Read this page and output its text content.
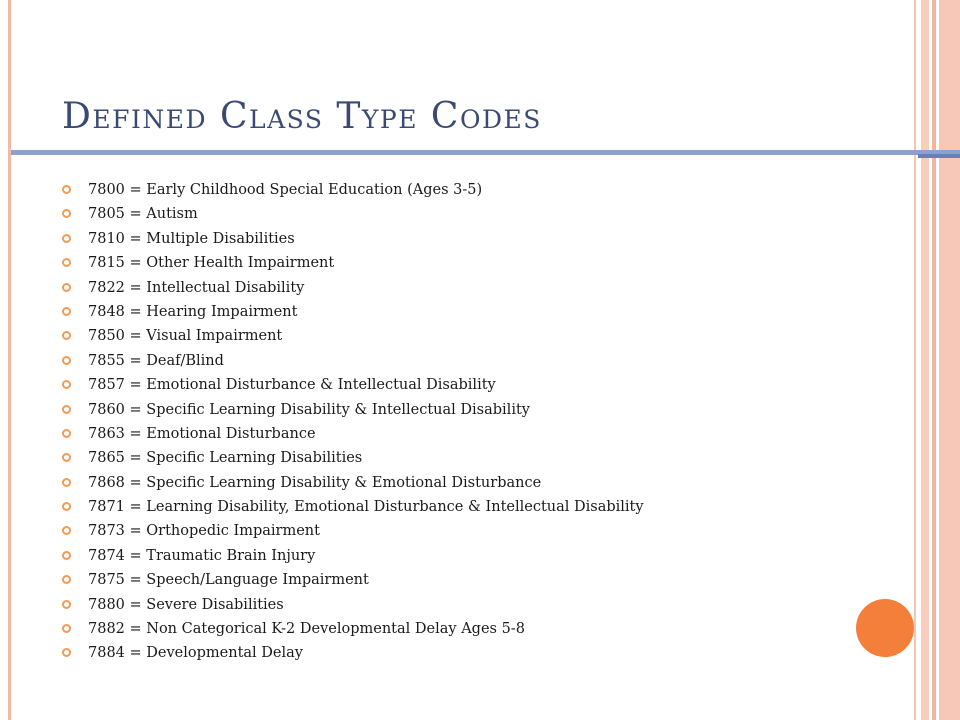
Defined Class Type Codes
7800 = Early Childhood Special Education (Ages 3-5)
7805 = Autism
7810 = Multiple Disabilities
7815 = Other Health Impairment
7822 = Intellectual Disability
7848 = Hearing Impairment
7850 = Visual Impairment
7855 = Deaf/Blind
7857 = Emotional Disturbance & Intellectual Disability
7860 = Specific Learning Disability & Intellectual Disability
7863 = Emotional Disturbance
7865 = Specific Learning Disabilities
7868 = Specific Learning Disability & Emotional Disturbance
7871 = Learning Disability, Emotional Disturbance & Intellectual Disability
7873 = Orthopedic Impairment
7874 = Traumatic Brain Injury
7875 = Speech/Language Impairment
7880 = Severe Disabilities
7882 = Non Categorical K-2 Developmental Delay Ages 5-8
7884 = Developmental Delay
